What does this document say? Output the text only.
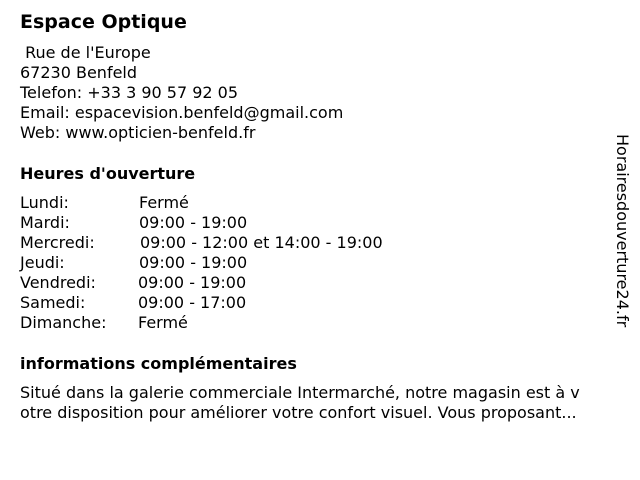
Espace Optique
Rue de l'Europe
67230 Benfeld
Telefon: +33 3 90 57 92 05
Email: espacevision.benfeld@gmail.com
Web: www.opticien-benfeld.fr
Heures d'ouverture
Lundi:	Fermé
Mardi:	09:00 - 19:00
Mercredi:	09:00 - 12:00 et 14:00 - 19:00
Jeudi:	09:00 - 19:00
Vendredi:	09:00 - 19:00
Samedi:	09:00 - 17:00
Dimanche: Fermé
informations complémentaires
Situé dans la galerie commerciale Intermarché, notre magasin est à v
otre disposition pour améliorer votre confort visuel. Vous proposant...
Horairesdouverture24.fr
